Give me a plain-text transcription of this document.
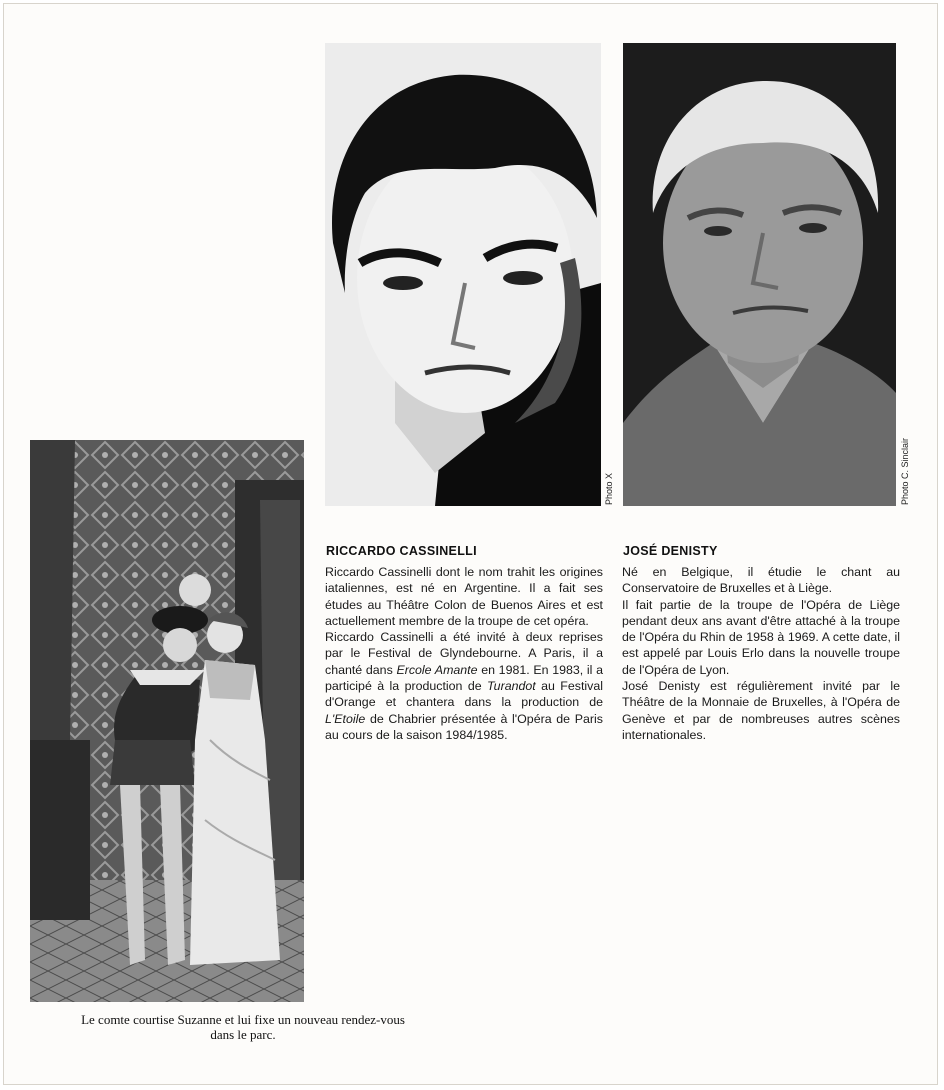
Photo X	Photo C. Sinclair
RICCARDO CASSINELLI

Riccardo Cassinelli dont le nom trahit les origines iataliennes, est né en Argentine. Il a fait ses études au Théâtre Colon de Buenos Aires et est actuellement membre de la troupe de cet opéra.

Riccardo Cassinelli a été invité à deux reprises par le Festival de Glyndebourne. A Paris, il a chanté dans Ercole Amante en 1981. En 1983, il a participé à la production de Turandot au Festival d'Orange et chantera dans la production de L'Etoile de Chabrier présentée à l'Opéra de Paris au cours de la saison 1984/1985.

JOSÉ DENISTY

Né en Belgique, il étudie le chant au Conservatoire de Bruxelles et à Liège.

Il fait partie de la troupe de l'Opéra de Liège pendant deux ans avant d'être attaché à la troupe de l'Opéra du Rhin de 1958 à 1969. A cette date, il est appelé par Louis Erlo dans la nouvelle troupe de l'Opéra de Lyon.

José Denisty est régulièrement invité par le Théâtre de la Monnaie de Bruxelles, à l'Opéra de Genève et par de nombreuses autres scènes internationales.

Le comte courtise Suzanne et lui fixe un nouveau rendez-vous
dans le parc.
